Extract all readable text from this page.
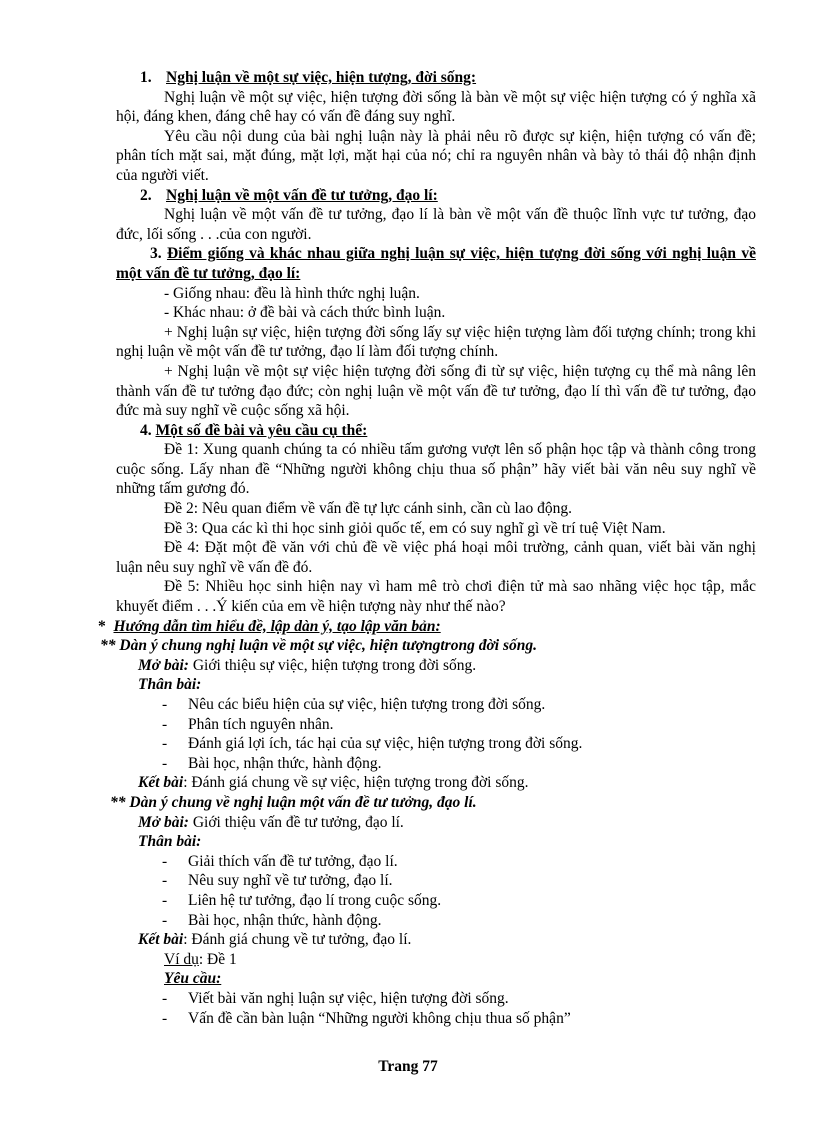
1. Nghị luận về một sự việc, hiện tượng, đời sống:

Nghị luận về một sự việc, hiện tượng đời sống là bàn về một sự việc hiện tượng có ý nghĩa xã hội, đáng khen, đáng chê hay có vấn đề đáng suy nghĩ.

Yêu cầu nội dung của bài nghị luận này là phải nêu rõ được sự kiện, hiện tượng có vấn đề; phân tích mặt sai, mặt đúng, mặt lợi, mặt hại của nó; chỉ ra nguyên nhân và bày tỏ thái độ nhận định của người viết.

2. Nghị luận về một vấn đề tư tưởng, đạo lí:

Nghị luận về một vấn đề tư tưởng, đạo lí là bàn về một vấn đề thuộc lĩnh vực tư tưởng, đạo đức, lối sống . . .của con người.

3. Điểm giống và khác nhau giữa nghị luận sự việc, hiện tượng đời sống với nghị luận về một vấn đề tư tưởng, đạo lí:

- Giống nhau: đều là hình thức nghị luận.

- Khác nhau: ở đề bài và cách thức bình luận.

+ Nghị luận sự việc, hiện tượng đời sống lấy sự việc hiện tượng làm đối tượng chính; trong khi nghị luận về một vấn đề tư tưởng, đạo lí làm đối tượng chính.

+ Nghị luận về một sự việc hiện tượng đời sống đi từ sự việc, hiện tượng cụ thể mà nâng lên thành vấn đề tư tưởng đạo đức; còn nghị luận về một vấn đề tư tưởng, đạo lí thì vấn đề tư tưởng, đạo đức mà suy nghĩ về cuộc sống xã hội.

4. Một số đề bài và yêu cầu cụ thể:

Đề 1: Xung quanh chúng ta có nhiều tấm gương vượt lên số phận học tập và thành công trong cuộc sống. Lấy nhan đề “Những người không chịu thua số phận” hãy viết bài văn nêu suy nghĩ về những tấm gương đó.

Đề 2: Nêu quan điểm về vấn đề tự lực cánh sinh, cần cù lao động.

Đề 3: Qua các kì thi học sinh giỏi quốc tế, em có suy nghĩ gì về trí tuệ Việt Nam.

Đề 4: Đặt một đề văn với chủ đề về việc phá hoại môi trường, cảnh quan, viết bài văn nghị luận nêu suy nghĩ về vấn đề đó.

Đề 5: Nhiều học sinh hiện nay vì ham mê trò chơi điện tử mà sao nhãng việc học tập, mắc khuyết điểm . . .Ý kiến của em về hiện tượng này như thế nào?

* Hướng dẫn tìm hiểu đề, lập dàn ý, tạo lập văn bản:

** Dàn ý chung nghị luận về một sự việc, hiện tượngtrong đời sống.

Mở bài: Giới thiệu sự việc, hiện tượng trong đời sống.

Thân bài:

- Nêu các biểu hiện của sự việc, hiện tượng trong đời sống.

- Phân tích nguyên nhân.

- Đánh giá lợi ích, tác hại của sự việc, hiện tượng trong đời sống.

- Bài học, nhận thức, hành động.

Kết bài: Đánh giá chung về sự việc, hiện tượng trong đời sống.

** Dàn ý chung về nghị luận một vấn đề tư tưởng, đạo lí.

Mở bài: Giới thiệu vấn đề tư tưởng, đạo lí.

Thân bài:

- Giải thích vấn đề tư tưởng, đạo lí.

- Nêu suy nghĩ về tư tưởng, đạo lí.

- Liên hệ tư tưởng, đạo lí trong cuộc sống.

- Bài học, nhận thức, hành động.

Kết bài: Đánh giá chung về tư tưởng, đạo lí.

Ví dụ: Đề 1

Yêu cầu:

- Viết bài văn nghị luận sự việc, hiện tượng đời sống.

- Vấn đề cần bàn luận “Những người không chịu thua số phận”

Trang 77
